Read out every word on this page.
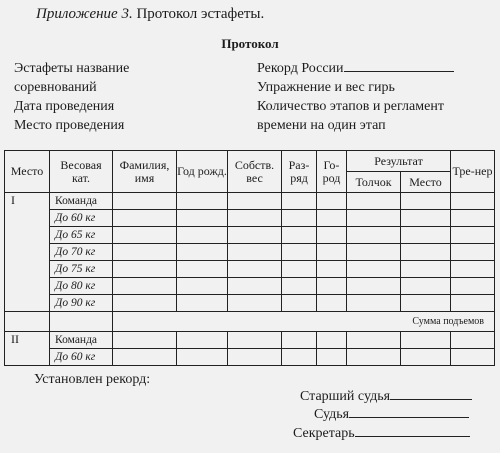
Приложение 3. Протокол эстафеты.
Протокол
Эстафеты название
соревнований
Дата проведения
Место проведения
Рекорд России
Упражнение и вес гирь
Количество этапов и регламент
времени на один этап
Место	Весовая кат.	Фамилия, имя	Год рожд.	Собств. вес	Раз-ряд	Го-род	Результат		Тре-нер
							Толчок	Место	
I	Команда								
	До 60 кг								
	До 65 кг								
	До 70 кг								
	До 75 кг								
	До 80 кг								
	До 90 кг								
		Сумма подъемов							
II	Команда								
	До 60 кг								
Установлен рекорд:
Старший судья
Судья
Секретарь
